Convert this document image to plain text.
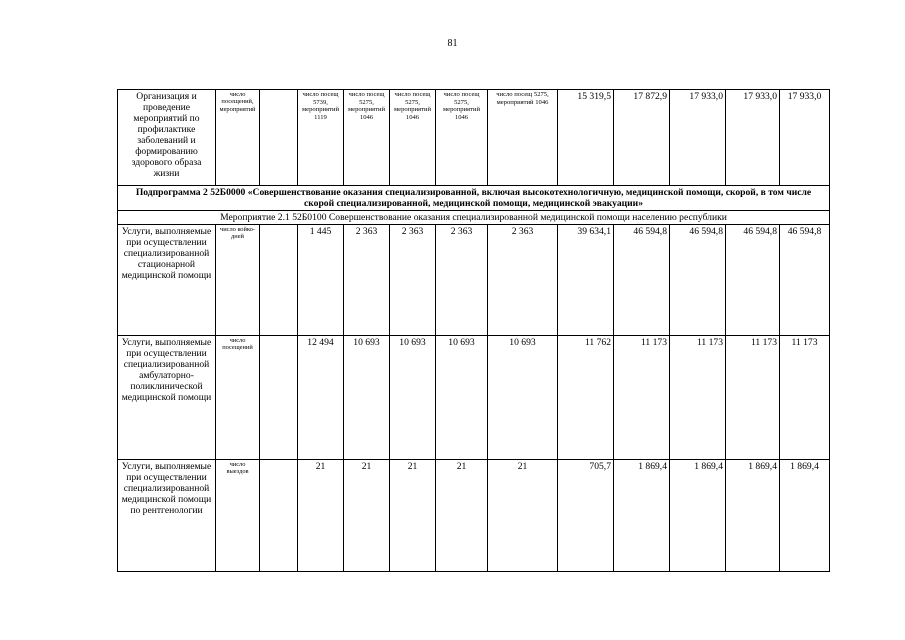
81
Организация и проведение мероприятий по профилактике заболеваний и формированию здорового образа жизни	число посещений, мероприятий		число посещ 5739, мероприятий 1119	число посещ 5275, мероприятий 1046	число посещ 5275, мероприятий 1046	число посещ 5275, мероприятий 1046	число посещ 5275, мероприятий 1046	15 319,5	17 872,9	17 933,0	17 933,0	17 933,0
Подпрограмма 2 52Б0000 «Совершенствование оказания специализированной, включая высокотехнологичную, медицинской помощи, скорой, в том числе скорой специализированной, медицинской помощи, медицинской эвакуации»												
Мероприятие 2.1 52Б0100 Совершенствование оказания специализированной медицинской помощи населению республики												
Услуги, выполняемые при осуществлении специализированной стационарной медицинской помощи	число койко-дней		1 445	2 363	2 363	2 363	2 363	39 634,1	46 594,8	46 594,8	46 594,8	46 594,8
Услуги, выполняемые при осуществлении специализированной амбулаторно-поликлинической медицинской помощи	число посещений		12 494	10 693	10 693	10 693	10 693	11 762	11 173	11 173	11 173	11 173
Услуги, выполняемые при осуществлении специализированной медицинской помощи по рентгенологии	число выездов		21	21	21	21	21	705,7	1 869,4	1 869,4	1 869,4	1 869,4
